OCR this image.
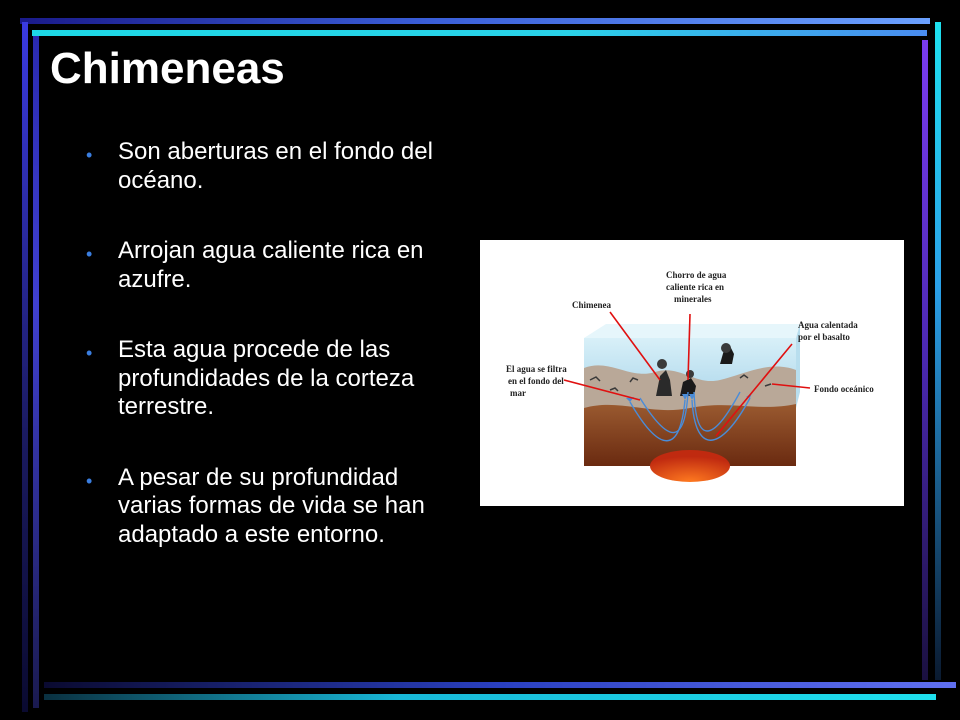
Chimeneas
• Son aberturas en el fondo del océano.
• Arrojan agua caliente rica en azufre.
• Esta agua procede de las profundidades de la corteza terrestre.
• A pesar de su profundidad varias formas de vida se han adaptado a este entorno.
Chimenea
Chorro de agua
caliente rica en
minerales
Agua calentada
por el basalto
El agua se filtra
en el fondo del
mar	Fondo oceánico
